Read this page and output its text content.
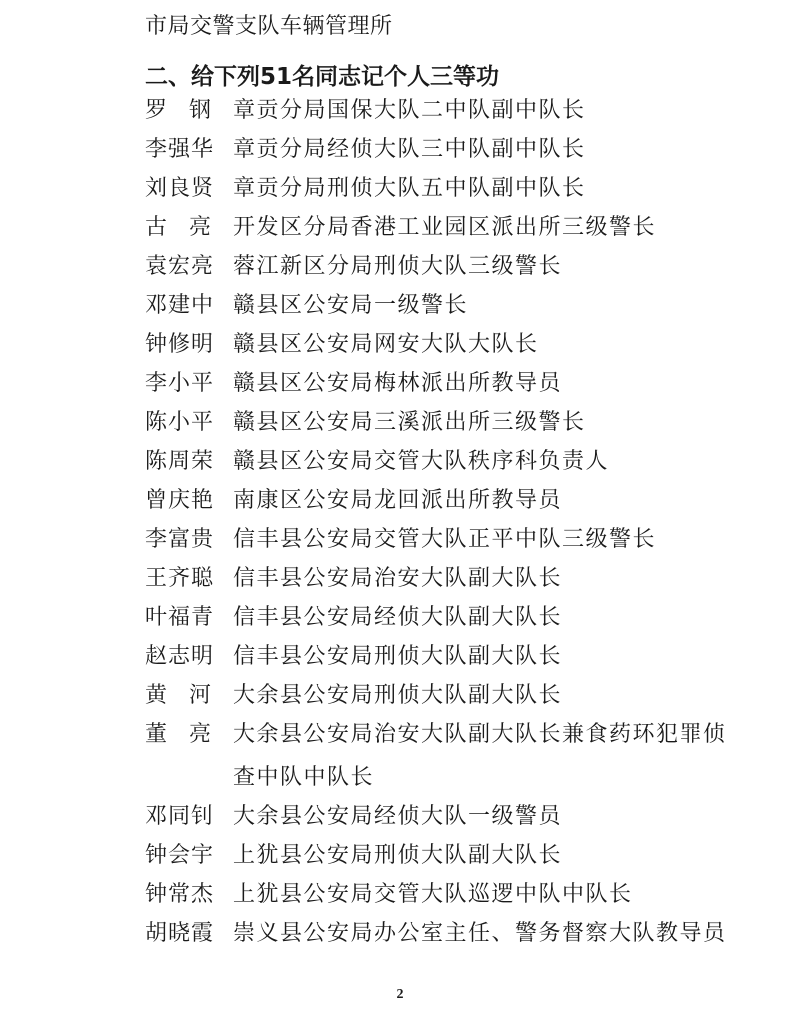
市局交警支队车辆管理所
二、给下列51名同志记个人三等功
罗钢 章贡分局国保大队二中队副中队长
李强华 章贡分局经侦大队三中队副中队长
刘良贤 章贡分局刑侦大队五中队副中队长
古亮 开发区分局香港工业园区派出所三级警长
袁宏亮 蓉江新区分局刑侦大队三级警长
邓建中 赣县区公安局一级警长
钟修明 赣县区公安局网安大队大队长
李小平 赣县区公安局梅林派出所教导员
陈小平 赣县区公安局三溪派出所三级警长
陈周荣 赣县区公安局交管大队秩序科负责人
曾庆艳 南康区公安局龙回派出所教导员
李富贵 信丰县公安局交管大队正平中队三级警长
王齐聪 信丰县公安局治安大队副大队长
叶福青 信丰县公安局经侦大队副大队长
赵志明 信丰县公安局刑侦大队副大队长
黄河 大余县公安局刑侦大队副大队长
董亮 大余县公安局治安大队副大队长兼食药环犯罪侦
查中队中队长
邓同钊 大余县公安局经侦大队一级警员
钟会宇 上犹县公安局刑侦大队副大队长
钟常杰 上犹县公安局交管大队巡逻中队中队长
胡晓霞 崇义县公安局办公室主任、警务督察大队教导员
2
